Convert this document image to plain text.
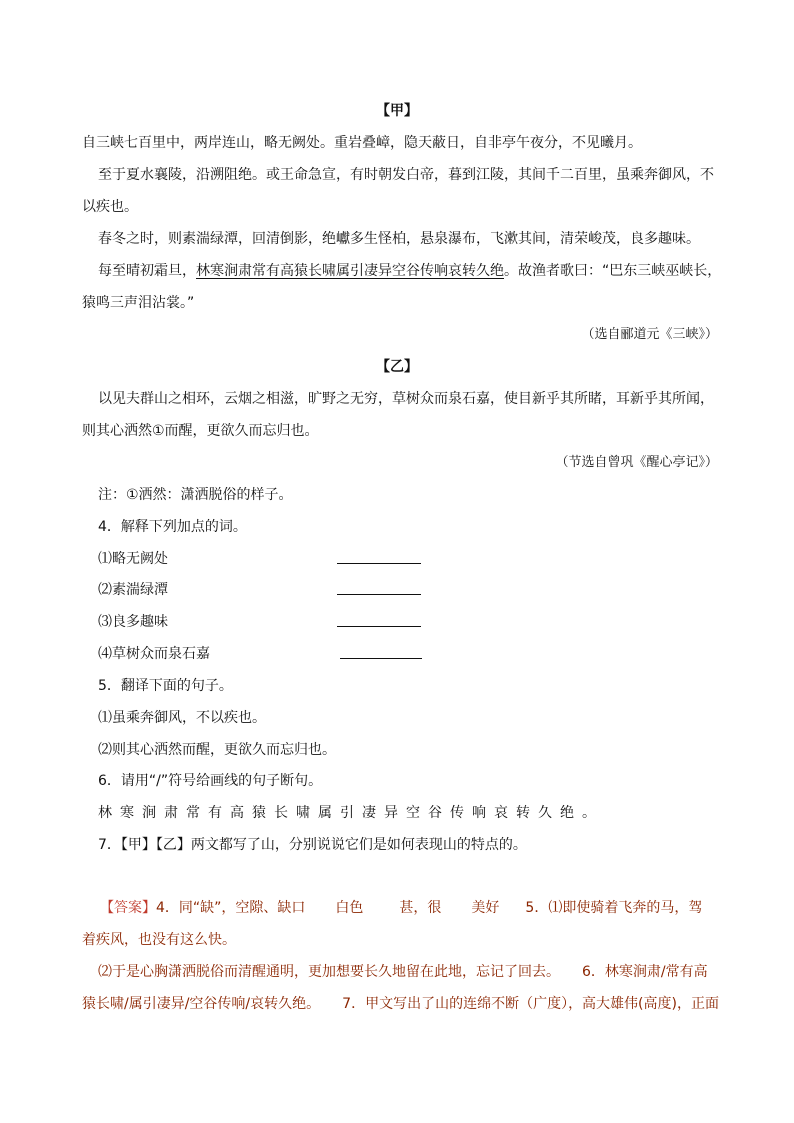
【甲】
自三峡七百里中，两岸连山，略无阙处。重岩叠嶂，隐天蔽日，自非亭午夜分，不见曦月。
至于夏水襄陵，沿溯阻绝。或王命急宣，有时朝发白帝，暮到江陵，其间千二百里，虽乘奔御风，不
以疾也。
春冬之时，则素湍绿潭，回清倒影，绝巘多生怪柏，悬泉瀑布，飞漱其间，清荣峻茂，良多趣味。
每至晴初霜旦，林寒涧肃常有高猿长啸属引凄异空谷传响哀转久绝。故渔者歌曰：“巴东三峡巫峡长，
猿鸣三声泪沾裳。”
（选自郦道元《三峡》）
【乙】
以见夫群山之相环，云烟之相滋，旷野之无穷，草树众而泉石嘉，使目新乎其所睹，耳新乎其所闻，
则其心洒然①而醒，更欲久而忘归也。
（节选自曾巩《醒心亭记》）
注：①洒然：潇洒脱俗的样子。
4．解释下列加点的词。
⑴略无阙处
⑵素湍绿潭
⑶良多趣味
⑷草树众而泉石嘉
5．翻译下面的句子。
⑴虽乘奔御风，不以疾也。
⑵则其心洒然而醒，更欲久而忘归也。
6．请用“/”符号给画线的句子断句。
林寒涧肃常有高猿长啸属引凄异空谷传响哀转久绝。
7．【甲】【乙】两文都写了山，分别说说它们是如何表现山的特点的。
【答案】4．同“缺”，空隙、缺口 白色	甚，很 美好 5．⑴即使骑着飞奔的马，驾
着疾风，也没有这么快。
⑵于是心胸潇洒脱俗而清醒通明，更加想要长久地留在此地，忘记了回去。 6．林寒涧肃/常有高
猿长啸/属引凄异/空谷传响/哀转久绝。 7．甲文写出了山的连绵不断（广度），高大雄伟(高度)，正面
